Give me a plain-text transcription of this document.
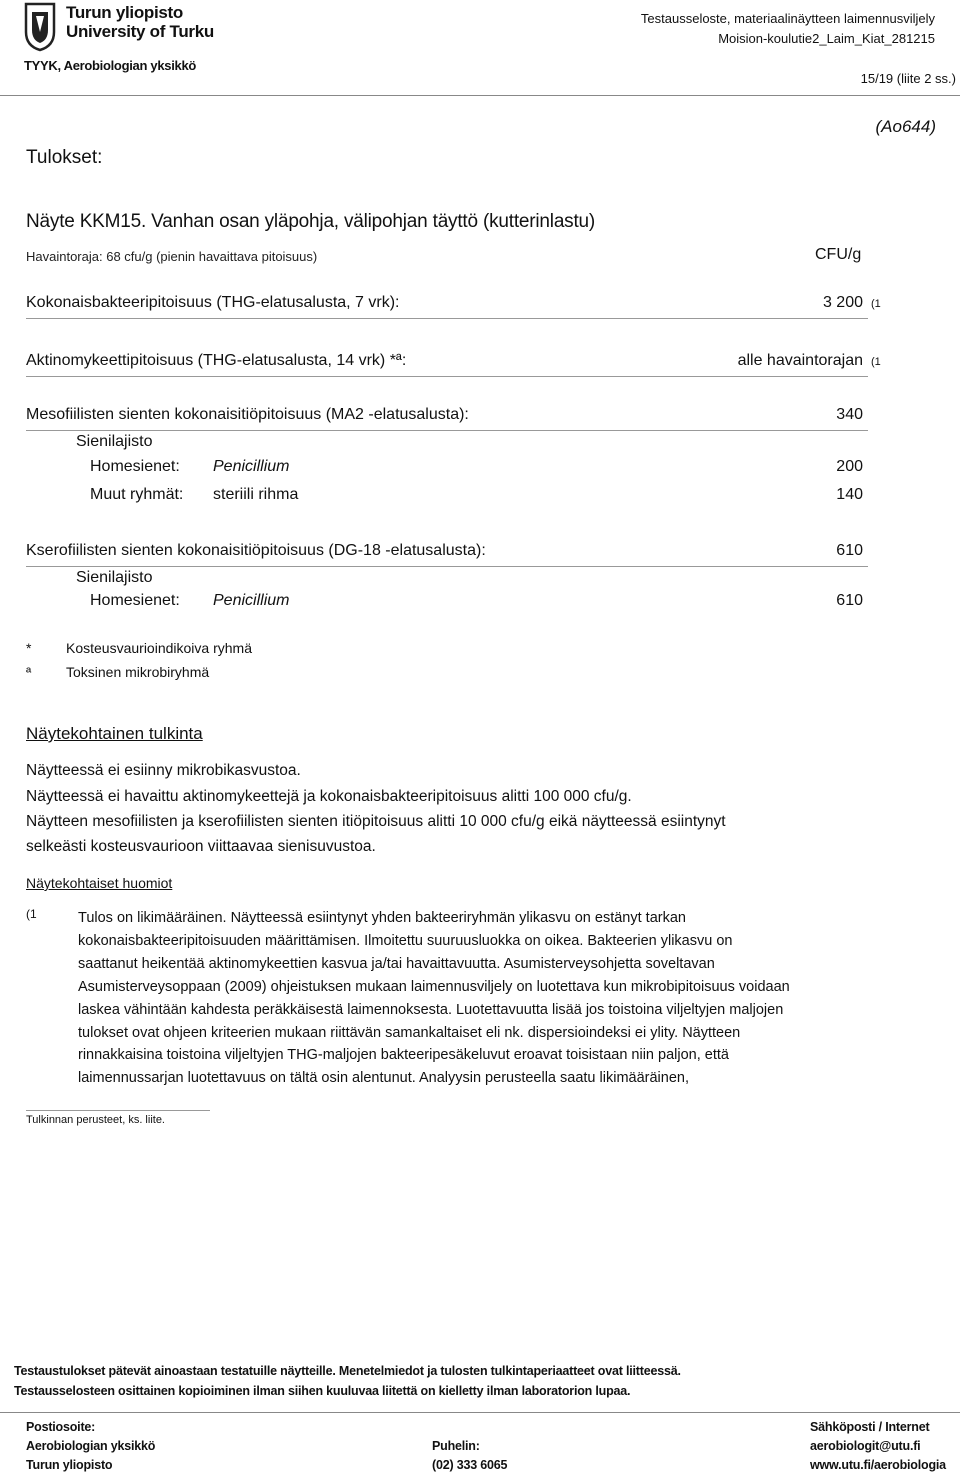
Turun yliopisto
University of Turku
TYYK, Aerobiologian yksikkö
Testausseloste, materiaalinäytteen laimennusviljely
Moision-koulutie2_Laim_Kiat_281215
15/19 (liite 2 ss.)
(Ao644)
Tulokset:
Näyte KKM15. Vanhan osan yläpohja, välipohjan täyttö (kutterinlastu)
Havaintoraja: 68 cfu/g (pienin havaittava pitoisuus)	CFU/g
Kokonaisbakteeripitoisuus (THG-elatusalusta, 7 vrk):	3 200 (1
Aktinomykeettipitoisuus (THG-elatusalusta, 14 vrk) *ª:	alle havaintorajan (1
Mesofiilisten sienten kokonaisitiöpitoisuus (MA2 -elatusalusta):	340
Sienilajisto
Homesienet: Penicillium	200
Muut ryhmät: steriili rihma	140
Kserofiilisten sienten kokonaisitiöpitoisuus (DG-18 -elatusalusta):	610
Sienilajisto
Homesienet: Penicillium	610
* Kosteusvaurioindikoiva ryhmä
ª Toksinen mikrobiryhmä
Näytekohtainen tulkinta
Näytteessä ei esiinny mikrobikasvustoa.
Näytteessä ei havaittu aktinomykeettejä ja kokonaisbakteeripitoisuus alitti 100 000 cfu/g.
Näytteen mesofiilisten ja kserofiilisten sienten itiöpitoisuus alitti 10 000 cfu/g eikä näytteessä esiintynyt
selkeästi kosteusvaurioon viittaavaa sienisuvustoa.
Näytekohtaiset huomiot
(1	Tulos on likimääräinen. Näytteessä esiintynyt yhden bakteeriryhmän ylikasvu on estänyt tarkan
kokonaisbakteeripitoisuuden määrittämisen. Ilmoitettu suuruusluokka on oikea. Bakteerien ylikasvu on
saattanut heikentää aktinomykeettien kasvua ja/tai havaittavuutta. Asumisterveysohjetta soveltavan
Asumisterveysoppaan (2009) ohjeistuksen mukaan laimennusviljely on luotettava kun mikrobipitoisuus voidaan
laskea vähintään kahdesta peräkkäisestä laimennoksesta. Luotettavuutta lisää jos toistoina viljeltyjen maljojen
tulokset ovat ohjeen kriteerien mukaan riittävän samankaltaiset eli nk. dispersioindeksi ei ylity. Näytteen
rinnakkaisina toistoina viljeltyjen THG-maljojen bakteeripesäkeluvut eroavat toisistaan niin paljon, että
laimennussarjan luotettavuus on tältä osin alentunut. Analyysin perusteella saatu likimääräinen,
Tulkinnan perusteet, ks. liite.
Testaustulokset pätevät ainoastaan testatuille näytteille. Menetelmiedot ja tulosten tulkintaperiaatteet ovat liitteessä.
Testausselosteen osittainen kopioiminen ilman siihen kuuluvaa liitettä on kielletty ilman laboratorion lupaa.
Postiosoite:
Aerobiologian yksikkö
Turun yliopisto
Puhelin:
(02) 333 6065
Sähköposti / Internet
aerobiologit@utu.fi
www.utu.fi/aerobiologia
